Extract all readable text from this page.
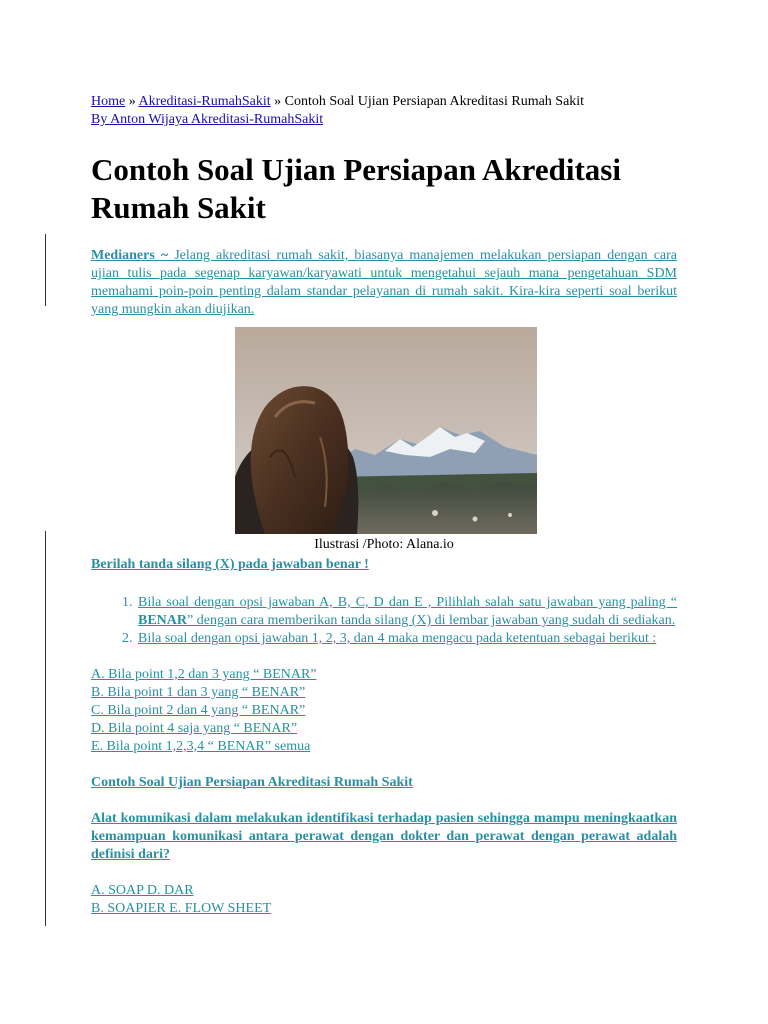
Home » Akreditasi-RumahSakit » Contoh Soal Ujian Persiapan Akreditasi Rumah Sakit
By Anton Wijaya Akreditasi-RumahSakit
Contoh Soal Ujian Persiapan Akreditasi Rumah Sakit

Medianers ~ Jelang akreditasi rumah sakit, biasanya manajemen melakukan persiapan dengan cara ujian tulis pada segenap karyawan/karyawati untuk mengetahui sejauh mana pengetahuan SDM memahami poin-poin penting dalam standar pelayanan di rumah sakit. Kira-kira seperti soal berikut yang mungkin akan diujikan.

Ilustrasi /Photo: Alana.io
Berilah tanda silang (X) pada jawaban benar !
1. Bila soal dengan opsi jawaban A, B, C, D dan E , Pilihlah salah satu jawaban yang paling “ BENAR” dengan cara memberikan tanda silang (X) di lembar jawaban yang sudah di sediakan.
2. Bila soal dengan opsi jawaban 1, 2, 3, dan 4 maka mengacu pada ketentuan sebagai berikut :
A. Bila point 1,2 dan 3 yang “ BENAR”
B. Bila point 1 dan 3 yang “ BENAR”
C. Bila point 2 dan 4 yang “ BENAR”
D. Bila point 4 saja yang “ BENAR”
E. Bila point 1,2,3,4 “ BENAR” semua
Contoh Soal Ujian Persiapan Akreditasi Rumah Sakit
Alat komunikasi dalam melakukan identifikasi terhadap pasien sehingga mampu meningkaatkan kemampuan komunikasi antara perawat dengan dokter dan perawat dengan perawat adalah definisi dari?
A. SOAP D. DAR
B. SOAPIER E. FLOW SHEET
